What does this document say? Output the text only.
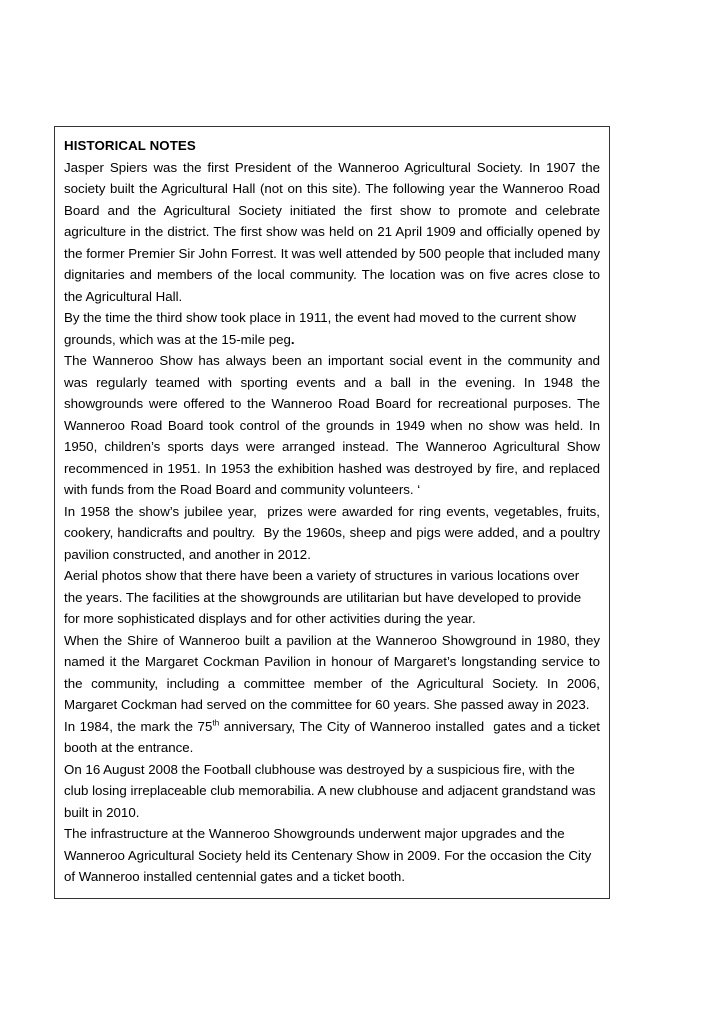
HISTORICAL NOTES

Jasper Spiers was the first President of the Wanneroo Agricultural Society. In 1907 the society built the Agricultural Hall (not on this site). The following year the Wanneroo Road Board and the Agricultural Society initiated the first show to promote and celebrate agriculture in the district. The first show was held on 21 April 1909 and officially opened by the former Premier Sir John Forrest. It was well attended by 500 people that included many dignitaries and members of the local community. The location was on five acres close to the Agricultural Hall.

By the time the third show took place in 1911, the event had moved to the current show grounds, which was at the 15-mile peg.

The Wanneroo Show has always been an important social event in the community and was regularly teamed with sporting events and a ball in the evening. In 1948 the showgrounds were offered to the Wanneroo Road Board for recreational purposes. The Wanneroo Road Board took control of the grounds in 1949 when no show was held. In 1950, children’s sports days were arranged instead. The Wanneroo Agricultural Show recommenced in 1951. In 1953 the exhibition hashed was destroyed by fire, and replaced with funds from the Road Board and community volunteers. ‘

In 1958 the show’s jubilee year,  prizes were awarded for ring events, vegetables, fruits, cookery, handicrafts and poultry.  By the 1960s, sheep and pigs were added, and a poultry pavilion constructed, and another in 2012.

Aerial photos show that there have been a variety of structures in various locations over the years. The facilities at the showgrounds are utilitarian but have developed to provide for more sophisticated displays and for other activities during the year.

When the Shire of Wanneroo built a pavilion at the Wanneroo Showground in 1980, they named it the Margaret Cockman Pavilion in honour of Margaret’s longstanding service to the community, including a committee member of the Agricultural Society. In 2006, Margaret Cockman had served on the committee for 60 years. She passed away in 2023.

In 1984, the mark the 75th anniversary, The City of Wanneroo installed  gates and a ticket booth at the entrance.

On 16 August 2008 the Football clubhouse was destroyed by a suspicious fire, with the club losing irreplaceable club memorabilia. A new clubhouse and adjacent grandstand was built in 2010.

The infrastructure at the Wanneroo Showgrounds underwent major upgrades and the Wanneroo Agricultural Society held its Centenary Show in 2009. For the occasion the City of Wanneroo installed centennial gates and a ticket booth.
